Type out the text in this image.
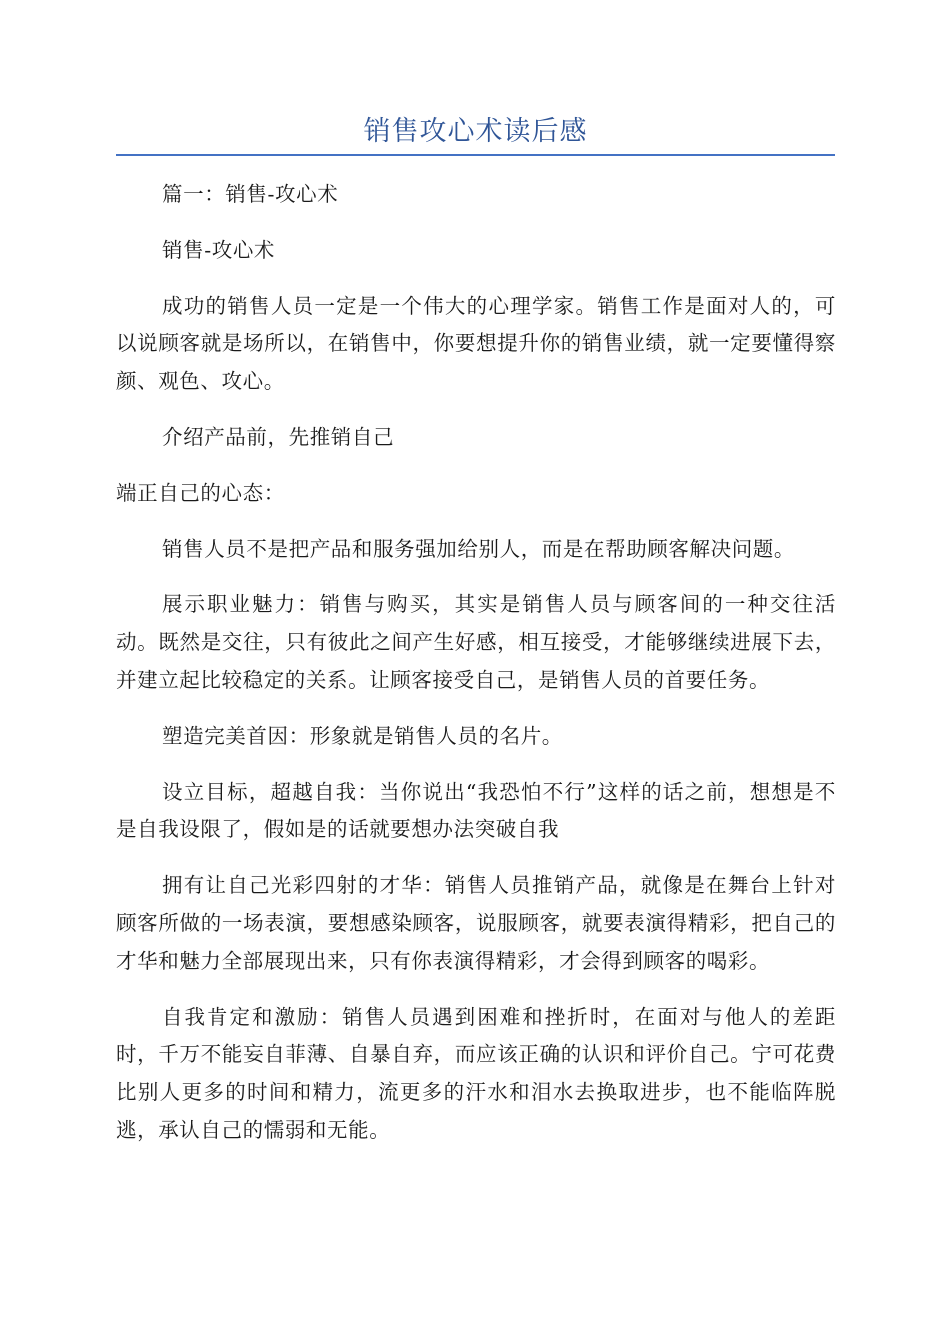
销售攻心术读后感

篇一：销售-攻心术

销售-攻心术

成功的销售人员一定是一个伟大的心理学家。销售工作是面对人的，可以说顾客就是场所以，在销售中，你要想提升你的销售业绩，就一定要懂得察颜、观色、攻心。

介绍产品前，先推销自己

端正自己的心态：

销售人员不是把产品和服务强加给别人，而是在帮助顾客解决问题。

展示职业魅力：销售与购买，其实是销售人员与顾客间的一种交往活动。既然是交往，只有彼此之间产生好感，相互接受，才能够继续进展下去，并建立起比较稳定的关系。让顾客接受自己，是销售人员的首要任务。

塑造完美首因：形象就是销售人员的名片。

设立目标，超越自我：当你说出“我恐怕不行”这样的话之前，想想是不是自我设限了，假如是的话就要想办法突破自我

拥有让自己光彩四射的才华：销售人员推销产品，就像是在舞台上针对顾客所做的一场表演，要想感染顾客，说服顾客，就要表演得精彩，把自己的才华和魅力全部展现出来，只有你表演得精彩，才会得到顾客的喝彩。

自我肯定和激励：销售人员遇到困难和挫折时，在面对与他人的差距时，千万不能妄自菲薄、自暴自弃，而应该正确的认识和评价自己。宁可花费比别人更多的时间和精力，流更多的汗水和泪水去换取进步，也不能临阵脱逃，承认自己的懦弱和无能。
